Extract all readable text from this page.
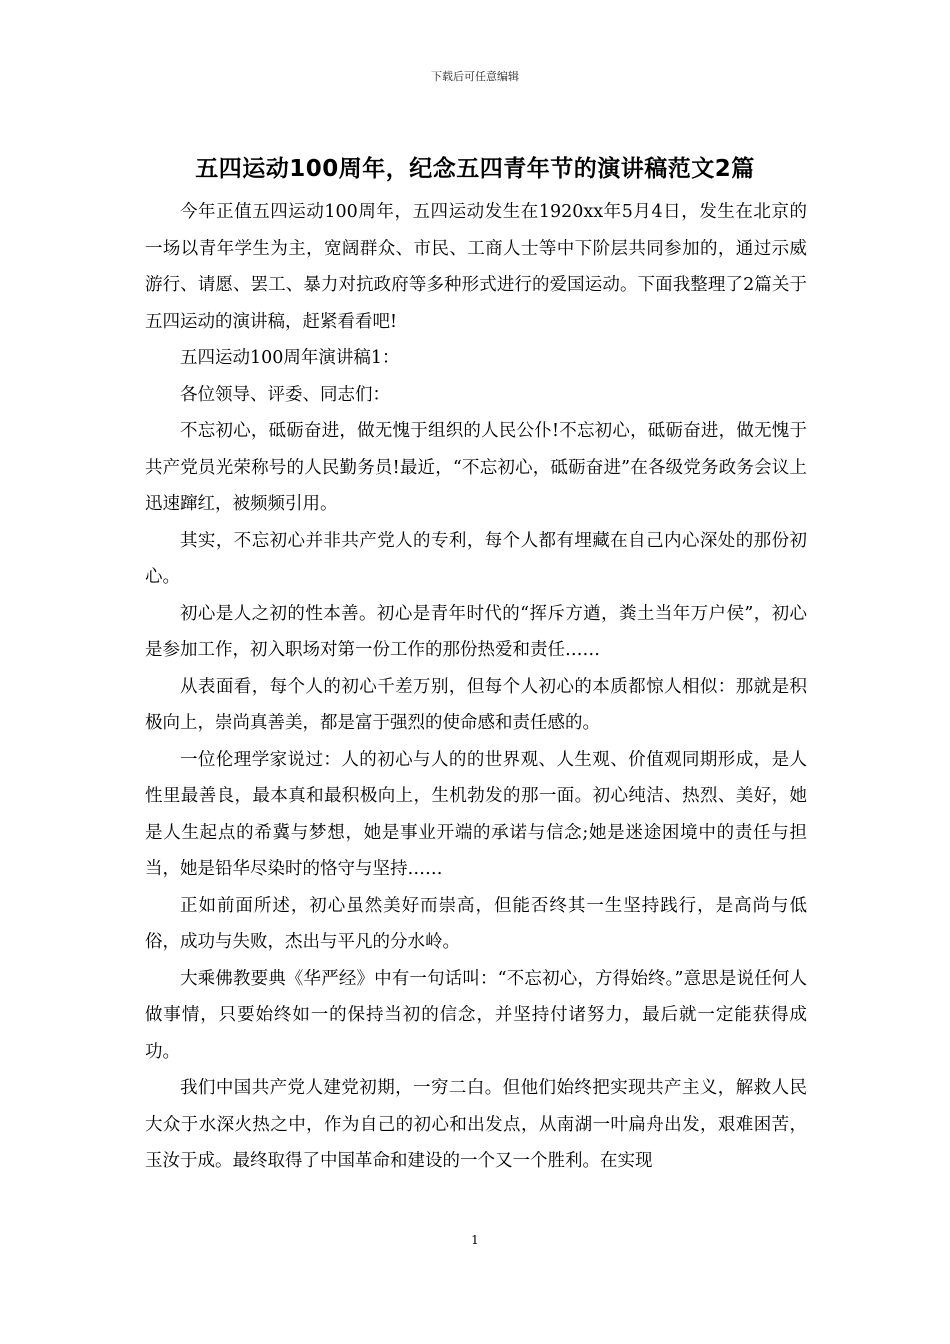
下载后可任意编辑
五四运动100周年，纪念五四青年节的演讲稿范文2篇

今年正值五四运动100周年，五四运动发生在1920xx年5月4日，发生在北京的一场以青年学生为主，宽阔群众、市民、工商人士等中下阶层共同参加的，通过示威游行、请愿、罢工、暴力对抗政府等多种形式进行的爱国运动。下面我整理了2篇关于五四运动的演讲稿，赶紧看看吧!

五四运动100周年演讲稿1：

各位领导、评委、同志们：

不忘初心，砥砺奋进，做无愧于组织的人民公仆!不忘初心，砥砺奋进，做无愧于共产党员光荣称号的人民勤务员!最近，“不忘初心，砥砺奋进”在各级党务政务会议上迅速蹿红，被频频引用。

其实，不忘初心并非共产党人的专利，每个人都有埋藏在自己内心深处的那份初心。

初心是人之初的性本善。初心是青年时代的“挥斥方遒，粪土当年万户侯”，初心是参加工作，初入职场对第一份工作的那份热爱和责任……

从表面看，每个人的初心千差万别，但每个人初心的本质都惊人相似：那就是积极向上，崇尚真善美，都是富于强烈的使命感和责任感的。

一位伦理学家说过：人的初心与人的的世界观、人生观、价值观同期形成，是人性里最善良，最本真和最积极向上，生机勃发的那一面。初心纯洁、热烈、美好，她是人生起点的希冀与梦想，她是事业开端的承诺与信念;她是迷途困境中的责任与担当，她是铅华尽染时的恪守与坚持……

正如前面所述，初心虽然美好而崇高，但能否终其一生坚持践行，是高尚与低俗，成功与失败，杰出与平凡的分水岭。

大乘佛教要典《华严经》中有一句话叫：“不忘初心，方得始终。”意思是说任何人做事情，只要始终如一的保持当初的信念，并坚持付诸努力，最后就一定能获得成功。

我们中国共产党人建党初期，一穷二白。但他们始终把实现共产主义，解救人民大众于水深火热之中，作为自己的初心和出发点，从南湖一叶扁舟出发，艰难困苦，玉汝于成。最终取得了中国革命和建设的一个又一个胜利。在实现

1
